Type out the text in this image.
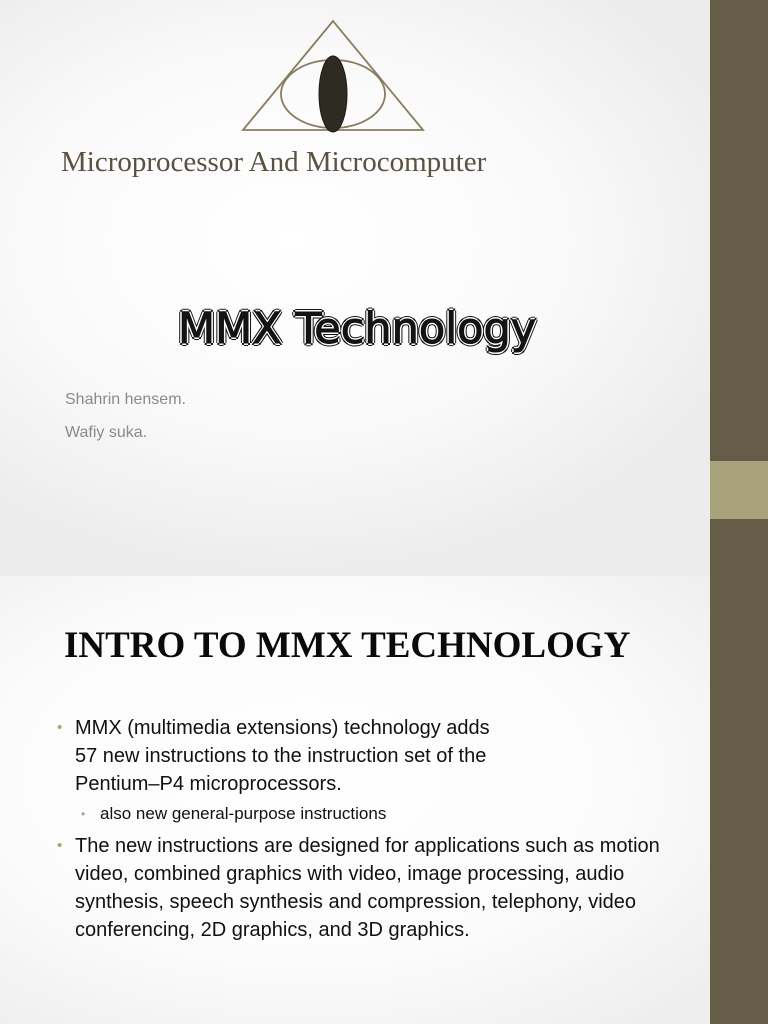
Microprocessor And Microcomputer
MMX Technology

Shahrin hensem.

Wafiy suka.

INTRO TO MMX TECHNOLOGY
• MMX (multimedia extensions) technology adds 57 new instructions to the instruction set of the Pentium–P4 microprocessors.
• also new general-purpose instructions
• The new instructions are designed for applications such as motion video, combined graphics with video, image processing, audio synthesis, speech synthesis and compression, telephony, video conferencing, 2D graphics, and 3D graphics.
